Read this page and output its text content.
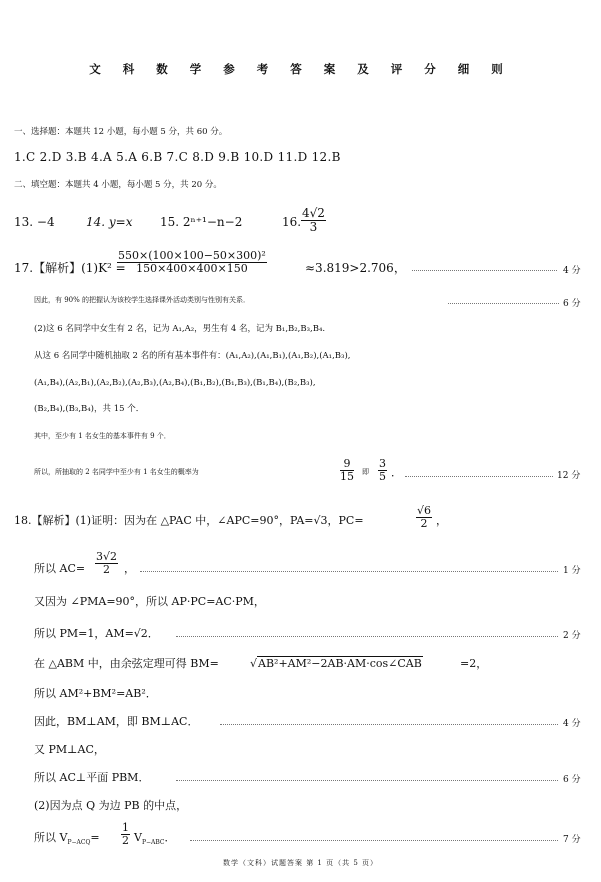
文 科 数 学 参 考 答 案 及 评 分 细 则
一、选择题：本题共 12 小题，每小题 5 分，共 60 分。
1.C 2.D 3.B 4.A 5.A 6.B 7.C 8.D 9.B 10.D 11.D 12.B
二、填空题：本题共 4 小题，每小题 5 分，共 20 分。
13. −4	14. y=x 15. 2ⁿ⁺¹−n−2	16. $\frac{4√2}{3}$
17.【解析】(1)K² =
$\frac{\text{550×(100×100−50×300)²}}{150\times 400\times 400\times 150}$	≈3.819>2.706，	4 分
因此，有 90% 的把握认为该校学生选择课外活动类别与性别有关系．	6 分
(2)这 6 名同学中女生有 2 名，记为 A₁,A₂，男生有 4 名，记为 B₁,B₂,B₃,B₄.
从这 6 名同学中随机抽取 2 名的所有基本事件有：(A₁,A₂),(A₁,B₁),(A₁,B₂),(A₁,B₃),
(A₁,B₄),(A₂,B₁),(A₂,B₂),(A₂,B₃),(A₂,B₄),(B₁,B₂),(B₁,B₃),(B₁,B₄),(B₂,B₃),
(B₂,B₄),(B₃,B₄)，共 15 个．
其中，至少有 1 名女生的基本事件有 9 个．
所以，所抽取的 2 名同学中至少有 1 名女生的概率为	$\frac{9}{15}$ 即 $\frac{3}{5}$ ．	12 分
18.【解析】(1)证明：因为在 △PAC 中，∠APC=90°，PA=√3，PC=	$\frac{√6}{2}$ ，
所以 $AC= \frac{3√2}{2}$ ，	1 分
又因为 ∠PMA=90°，所以 AP·PC=AC·PM，
所以 PM=1，AM=√2．	2 分
在 △ABM 中，由余弦定理可得 BM=	√AB²+AM²−2AB·AM·cos∠CAB	=2，
所以 AM²+BM²=AB²．
因此，BM⊥AM，即 BM⊥AC．	4 分
又 PM⊥AC，
所以 AC⊥平面 PBM．	6 分
(2)因为点 Q 为边 PB 的中点，
所以 $V_{P-ACQ}= \frac{1}{2} V_{P-ABC}$．	7 分
数学（文科）试题答案 第 1 页（共 5 页）
